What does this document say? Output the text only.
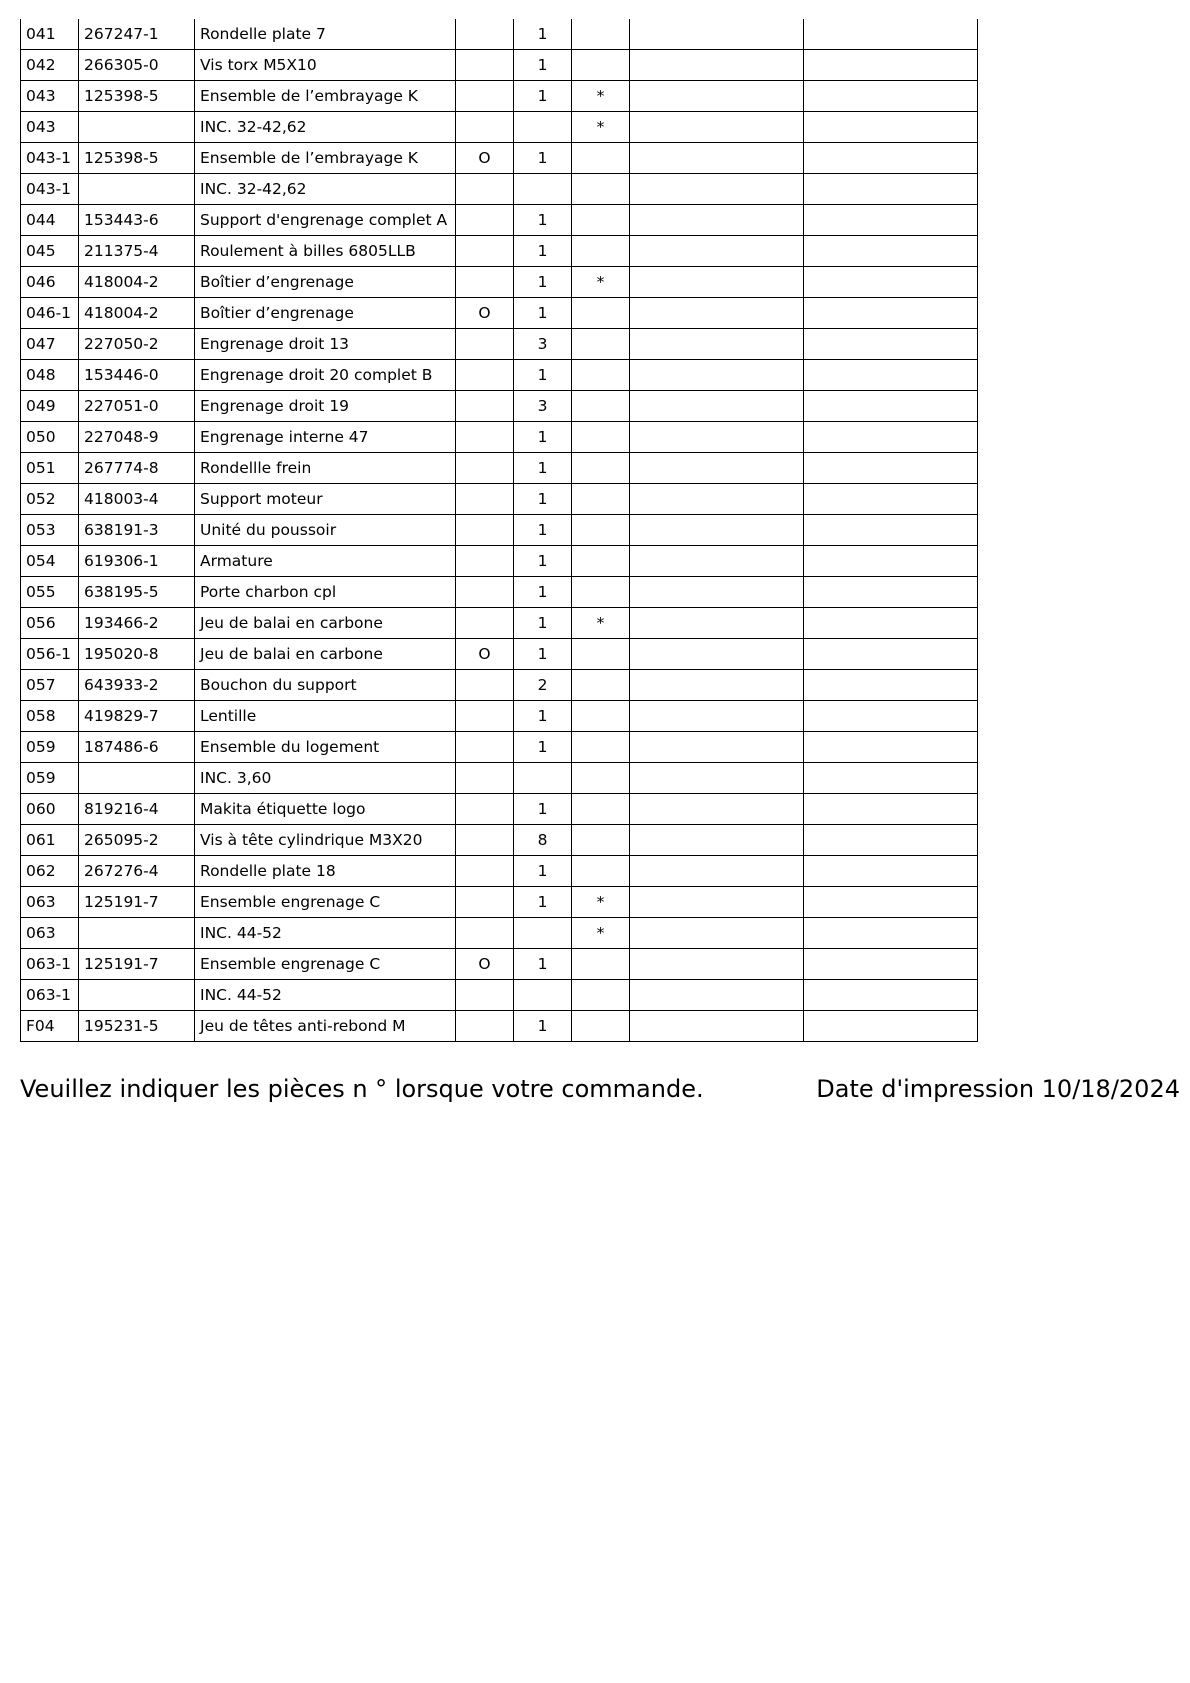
041	267247-1	Rondelle plate 7		1			
042	266305-0	Vis torx M5X10		1			
043	125398-5	Ensemble de l’embrayage K		1	*		
043		INC. 32-42,62			*		
043-1	125398-5	Ensemble de l’embrayage K	O	1			
043-1		INC. 32-42,62					
044	153443-6	Support d'engrenage complet A		1			
045	211375-4	Roulement à billes 6805LLB		1			
046	418004-2	Boîtier d’engrenage		1	*		
046-1	418004-2	Boîtier d’engrenage	O	1			
047	227050-2	Engrenage droit 13		3			
048	153446-0	Engrenage droit 20 complet B		1			
049	227051-0	Engrenage droit 19		3			
050	227048-9	Engrenage interne 47		1			
051	267774-8	Rondellle frein		1			
052	418003-4	Support moteur		1			
053	638191-3	Unité du poussoir		1			
054	619306-1	Armature		1			
055	638195-5	Porte charbon cpl		1			
056	193466-2	Jeu de balai en carbone		1	*		
056-1	195020-8	Jeu de balai en carbone	O	1			
057	643933-2	Bouchon du support		2			
058	419829-7	Lentille		1			
059	187486-6	Ensemble du logement		1			
059		INC. 3,60					
060	819216-4	Makita étiquette logo		1			
061	265095-2	Vis à tête cylindrique M3X20		8			
062	267276-4	Rondelle plate 18		1			
063	125191-7	Ensemble engrenage C		1	*		
063		INC. 44-52			*		
063-1	125191-7	Ensemble engrenage C	O	1			
063-1		INC. 44-52					
F04	195231-5	Jeu de têtes anti-rebond M		1			
Veuillez indiquer les pièces n ° lorsque votre commande.	Date d'impression 10/18/2024
